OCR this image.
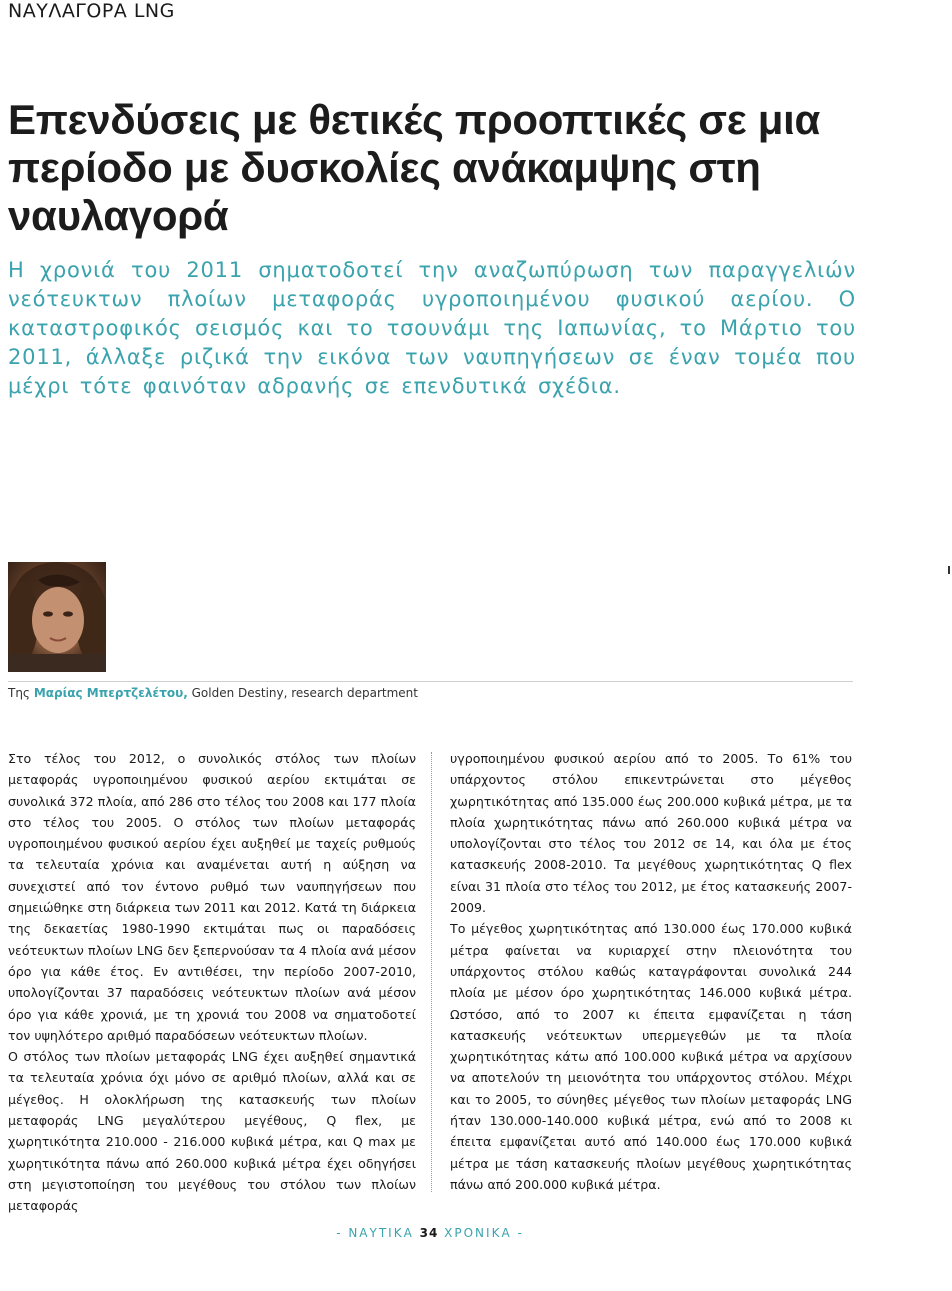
ΝΑΥΛΑΓΟΡΑ LNG
Επενδύσεις με θετικές προοπτικές σε μια περίοδο με δυσκολίες ανάκαμψης στη ναυλαγορά

Η χρονιά του 2011 σηματοδοτεί την αναζωπύρωση των παραγγελιών νεότευκτων πλοίων μεταφοράς υγροποιημένου φυσικού αερίου. Ο καταστροφικός σεισμός και το τσουνάμι της Ιαπωνίας, το Μάρτιο του 2011, άλλαξε ριζικά την εικόνα των ναυπηγήσεων σε έναν τομέα που μέχρι τότε φαινόταν αδρανής σε επενδυτικά σχέδια.

Της Μαρίας Μπερτζελέτου, Golden Destiny, research department

Στο τέλος του 2012, ο συνολικός στόλος των πλοίων μεταφοράς υγροποιημένου φυσικού αερίου εκτιμάται σε συνολικά 372 πλοία, από 286 στο τέλος του 2008 και 177 πλοία στο τέλος του 2005. Ο στόλος των πλοίων μεταφοράς υγροποιημένου φυσικού αερίου έχει αυξηθεί με ταχείς ρυθμούς τα τελευταία χρόνια και αναμένεται αυτή η αύξηση να συνεχιστεί από τον έντονο ρυθμό των ναυπηγήσεων που σημειώθηκε στη διάρκεια των 2011 και 2012. Κατά τη διάρκεια της δεκαετίας 1980-1990 εκτιμάται πως οι παραδόσεις νεότευκτων πλοίων LNG δεν ξεπερνούσαν τα 4 πλοία ανά μέσον όρο για κάθε έτος. Εν αντιθέσει, την περίοδο 2007-2010, υπολογίζονται 37 παραδόσεις νεότευκτων πλοίων ανά μέσον όρο για κάθε χρονιά, με τη χρονιά του 2008 να σηματοδοτεί τον υψηλότερο αριθμό παραδόσεων νεότευκτων πλοίων.

Ο στόλος των πλοίων μεταφοράς LNG έχει αυξηθεί σημαντικά τα τελευταία χρόνια όχι μόνο σε αριθμό πλοίων, αλλά και σε μέγεθος. Η ολοκλήρωση της κατασκευής των πλοίων μεταφοράς LNG μεγαλύτερου μεγέθους, Q flex, με χωρητικότητα 210.000 - 216.000 κυβικά μέτρα, και Q max με χωρητικότητα πάνω από 260.000 κυβικά μέτρα έχει οδηγήσει στη μεγιστοποίηση του μεγέθους του στόλου των πλοίων μεταφοράς

υγροποιημένου φυσικού αερίου από το 2005. Το 61% του υπάρχοντος στόλου επικεντρώνεται στο μέγεθος χωρητικότητας από 135.000 έως 200.000 κυβικά μέτρα, με τα πλοία χωρητικότητας πάνω από 260.000 κυβικά μέτρα να υπολογίζονται στο τέλος του 2012 σε 14, και όλα με έτος κατασκευής 2008-2010. Τα μεγέθους χωρητικότητας Q flex είναι 31 πλοία στο τέλος του 2012, με έτος κατασκευής 2007-2009.

Το μέγεθος χωρητικότητας από 130.000 έως 170.000 κυβικά μέτρα φαίνεται να κυριαρχεί στην πλειονότητα του υπάρχοντος στόλου καθώς καταγράφονται συνολικά 244 πλοία με μέσον όρο χωρητικότητας 146.000 κυβικά μέτρα. Ωστόσο, από το 2007 κι έπειτα εμφανίζεται η τάση κατασκευής νεότευκτων υπερμεγεθών με τα πλοία χωρητικότητας κάτω από 100.000 κυβικά μέτρα να αρχίσουν να αποτελούν τη μειονότητα του υπάρχοντος στόλου. Μέχρι και το 2005, το σύνηθες μέγεθος των πλοίων μεταφοράς LNG ήταν 130.000-140.000 κυβικά μέτρα, ενώ από το 2008 κι έπειτα εμφανίζεται αυτό από 140.000 έως 170.000 κυβικά μέτρα με τάση κατασκευής πλοίων μεγέθους χωρητικότητας πάνω από 200.000 κυβικά μέτρα.

- ΝΑΥΤΙΚΑ 34 ΧΡΟΝΙΚΑ -
